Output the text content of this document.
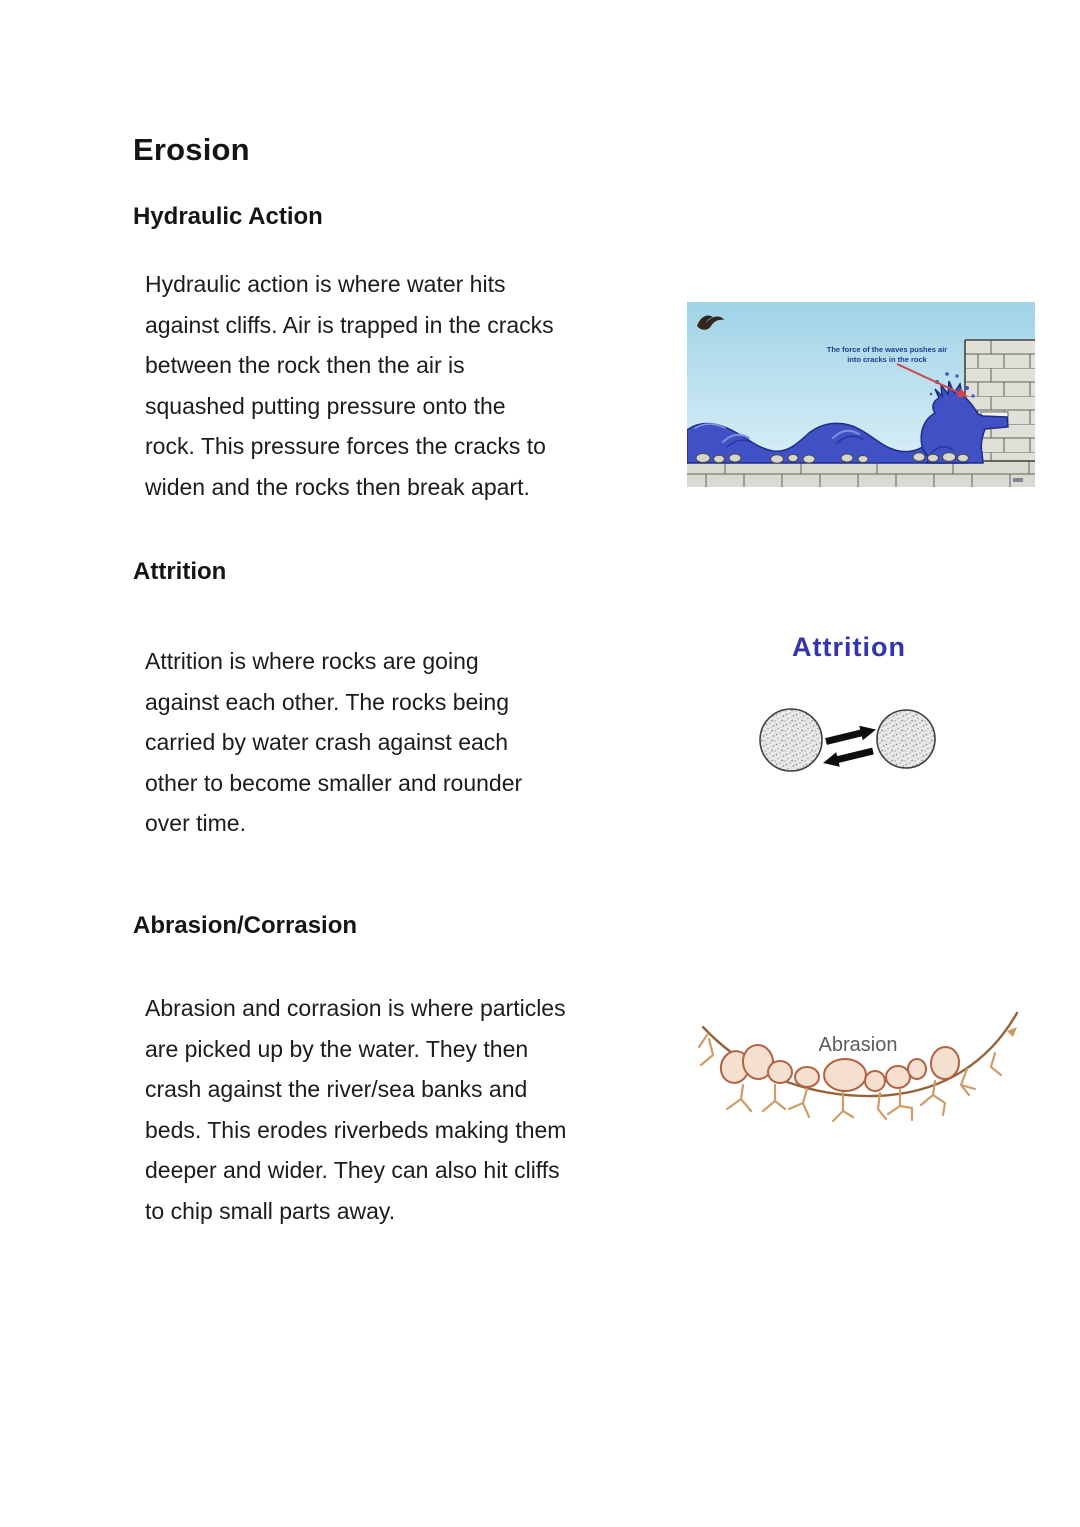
Erosion
Hydraulic Action
Hydraulic action is where water hits
against cliffs. Air is trapped in the cracks
between the rock then the air is
squashed putting pressure onto the
rock. This pressure forces the cracks to
widen and the rocks then break apart.
The force of the waves pushes air
into cracks in the rock
Attrition
Attrition is where rocks are going
against each other. The rocks being
carried by water crash against each
other to become smaller and rounder
over time.
Attrition
Abrasion/Corrasion
Abrasion and corrasion is where particles
are picked up by the water. They then
crash against the river/sea banks and
beds. This erodes riverbeds making them
deeper and wider. They can also hit cliffs
to chip small parts away.
Abrasion
